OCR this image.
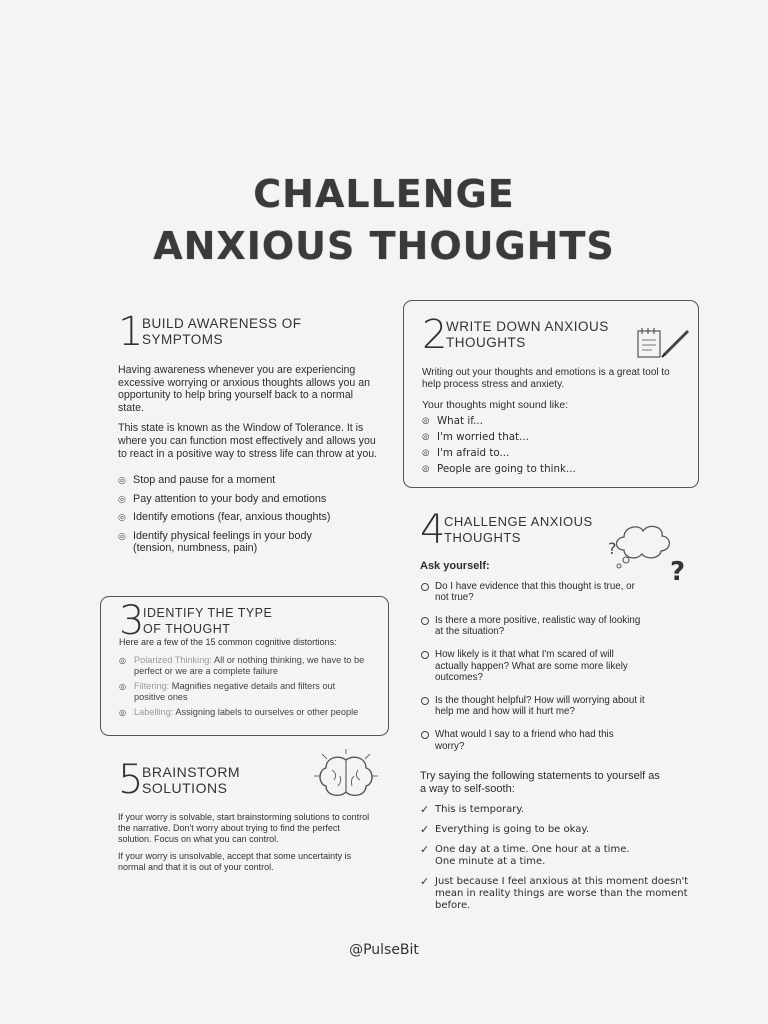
CHALLENGE
ANXIOUS THOUGHTS
1
BUILD AWARENESS OF SYMPTOMS

Having awareness whenever you are experiencing excessive worrying or anxious thoughts allows you an opportunity to help bring yourself back to a normal state.

This state is known as the Window of Tolerance. It is where you can function most effectively and allows you to react in a positive way to stress life can throw at you.

◎ Stop and pause for a moment
◎ Pay attention to your body and emotions
◎ Identify emotions (fear, anxious thoughts)
◎ Identify physical feelings in your body (tension, numbness, pain)
2
WRITE DOWN ANXIOUS THOUGHTS

Writing out your thoughts and emotions is a great tool to help process stress and anxiety.

Your thoughts might sound like:

◎ What if...
◎ I'm worried that...
◎ I'm afraid to...
◎ People are going to think...
3
IDENTIFY THE TYPE OF THOUGHT

Here are a few of the 15 common cognitive distortions:

◎ Polarized Thinking: All or nothing thinking, we have to be perfect or we are a complete failure
◎ Filtering: Magnifies negative details and filters out positive ones
◎ Labelling: Assigning labels to ourselves or other people
4
CHALLENGE ANXIOUS THOUGHTS

Ask yourself:

Do I have evidence that this thought is true, or not true?
Is there a more positive, realistic way of looking at the situation?
How likely is it that what I'm scared of will actually happen? What are some more likely outcomes?
Is the thought helpful? How will worrying about it help me and how will it hurt me?
What would I say to a friend who had this worry?

Try saying the following statements to yourself as a way to self-sooth:

✓ This is temporary.
✓ Everything is going to be okay.
✓ One day at a time. One hour at a time. One minute at a time.
✓ Just because I feel anxious at this moment doesn't mean in reality things are worse than the moment before.
?
?
5
BRAINSTORM SOLUTIONS

If your worry is solvable, start brainstorming solutions to control the narrative. Don't worry about trying to find the perfect solution. Focus on what you can control.

If your worry is unsolvable, accept that some uncertainty is normal and that it is out of your control.

@PulseBit
